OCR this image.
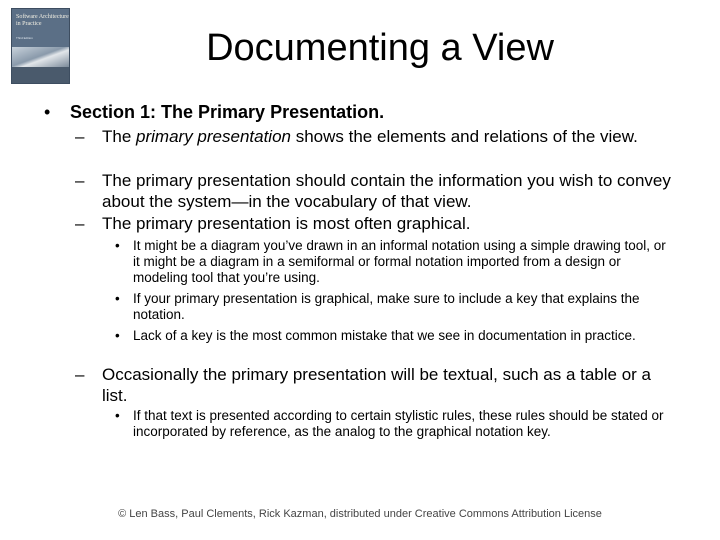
Software Architecture in Practice
Third Edition	Documenting a View
• Section 1: The Primary Presentation.
– The primary presentation shows the elements and relations of the view.
– The primary presentation should contain the information you wish to convey about the system—in the vocabulary of that view.
– The primary presentation is most often graphical.
• It might be a diagram you’ve drawn in an informal notation using a simple drawing tool, or it might be a diagram in a semiformal or formal notation imported from a design or modeling tool that you’re using.
• If your primary presentation is graphical, make sure to include a key that explains the notation.
• Lack of a key is the most common mistake that we see in documentation in practice.
– Occasionally the primary presentation will be textual, such as a table or a list.
• If that text is presented according to certain stylistic rules, these rules should be stated or incorporated by reference, as the analog to the graphical notation key.
© Len Bass, Paul Clements, Rick Kazman, distributed under Creative Commons Attribution License
